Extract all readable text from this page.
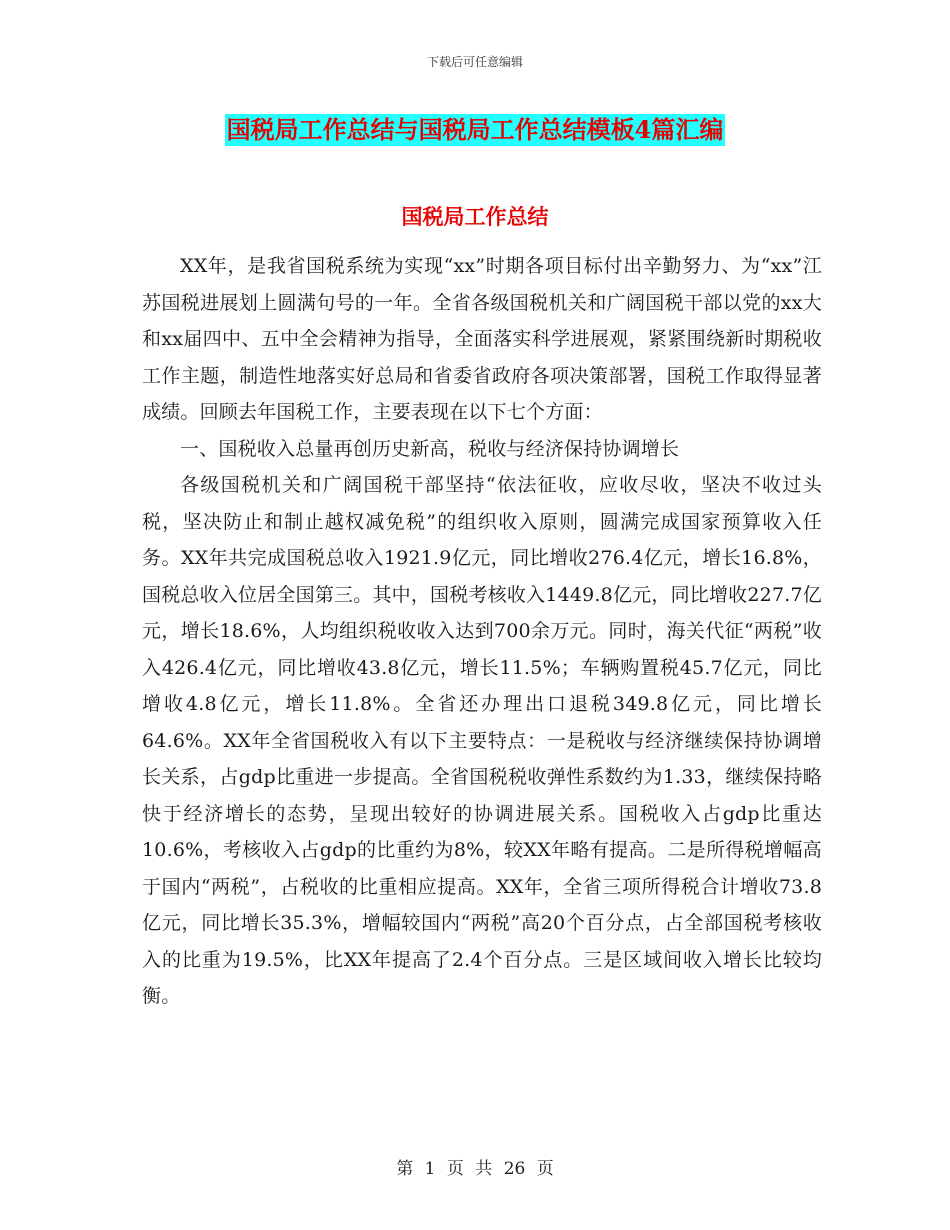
下载后可任意编辑
国税局工作总结与国税局工作总结模板4篇汇编
国税局工作总结

XX年，是我省国税系统为实现“xx”时期各项目标付出辛勤努力、为“xx”江苏国税进展划上圆满句号的一年。全省各级国税机关和广阔国税干部以党的xx大和xx届四中、五中全会精神为指导，全面落实科学进展观，紧紧围绕新时期税收工作主题，制造性地落实好总局和省委省政府各项决策部署，国税工作取得显著成绩。回顾去年国税工作，主要表现在以下七个方面：

一、国税收入总量再创历史新高，税收与经济保持协调增长

各级国税机关和广阔国税干部坚持“依法征收，应收尽收，坚决不收过头税，坚决防止和制止越权减免税”的组织收入原则，圆满完成国家预算收入任务。XX年共完成国税总收入1921.9亿元，同比增收276.4亿元，增长16.8%，国税总收入位居全国第三。其中，国税考核收入1449.8亿元，同比增收227.7亿元，增长18.6%，人均组织税收收入达到700余万元。同时，海关代征“两税”收入426.4亿元，同比增收43.8亿元，增长11.5%；车辆购置税45.7亿元，同比增收4.8亿元，增长11.8%。全省还办理出口退税349.8亿元，同比增长64.6%。XX年全省国税收入有以下主要特点：一是税收与经济继续保持协调增长关系，占gdp比重进一步提高。全省国税税收弹性系数约为1.33，继续保持略快于经济增长的态势，呈现出较好的协调进展关系。国税收入占gdp比重达10.6%，考核收入占gdp的比重约为8%，较XX年略有提高。二是所得税增幅高于国内“两税”，占税收的比重相应提高。XX年，全省三项所得税合计增收73.8亿元，同比增长35.3%，增幅较国内“两税”高20个百分点，占全部国税考核收入的比重为19.5%，比XX年提高了2.4个百分点。三是区域间收入增长比较均衡。

第 1 页 共 26 页
